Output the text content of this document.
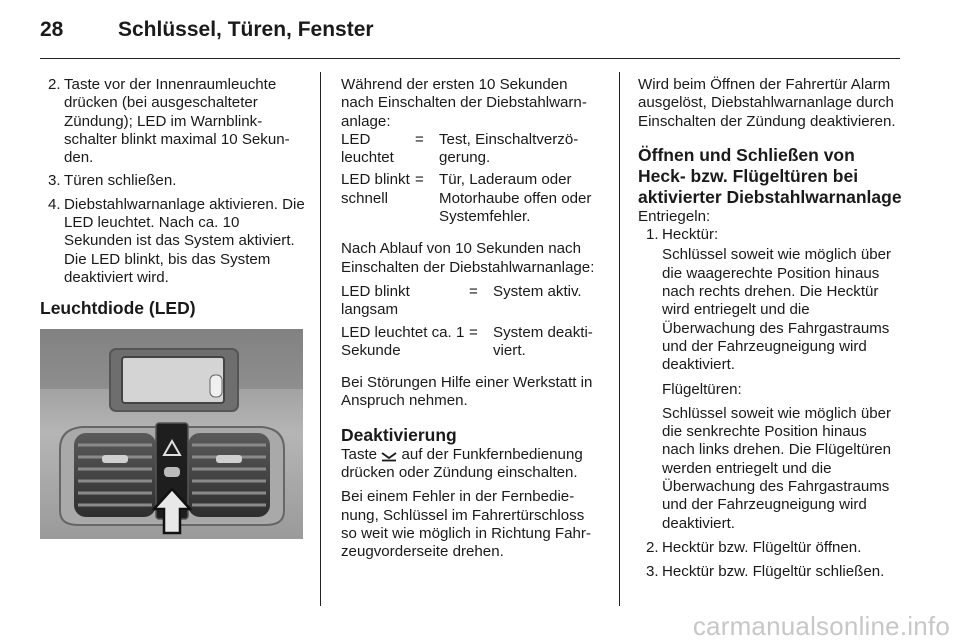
28	Schlüssel, Türen, Fenster
2. Taste vor der Innenraumleuchte drücken (bei ausgeschalteter Zündung); LED im Warnblinkschalter blinkt maximal 10 Sekunden.
3. Türen schließen.
4. Diebstahlwarnanlage aktivieren. Die LED leuchtet. Nach ca. 10 Sekunden ist das System aktiviert. Die LED blinkt, bis das System deaktiviert wird.
Leuchtdiode (LED)

Während der ersten 10 Sekunden nach Einschalten der Diebstahlwarnanlage:

LED leuchtet	=	Test, Einschaltverzögerung.
LED blinkt schnell	=	Tür, Laderaum oder Motorhaube offen oder Systemfehler.

Nach Ablauf von 10 Sekunden nach Einschalten der Diebstahlwarnanlage:

LED blinkt langsam	=	System aktiv.
LED leuchtet ca. 1 Sekunde	=	System deaktiviert.

Bei Störungen Hilfe einer Werkstatt in Anspruch nehmen.

Deaktivierung

Taste auf der Funkfernbedienung drücken oder Zündung einschalten.

Bei einem Fehler in der Fernbedienung, Schlüssel im Fahrertürschloss so weit wie möglich in Richtung Fahrzeugvorderseite drehen.

Wird beim Öffnen der Fahrertür Alarm ausgelöst, Diebstahlwarnanlage durch Einschalten der Zündung deaktivieren.

Öffnen und Schließen von Heck- bzw. Flügeltüren bei aktivierter Diebstahlwarnanlage

Entriegeln:

1. Hecktür:

Schlüssel soweit wie möglich über die waagerechte Position hinaus nach rechts drehen. Die Hecktür wird entriegelt und die Überwachung des Fahrgastraums und der Fahrzeugneigung wird deaktiviert.

Flügeltüren:

Schlüssel soweit wie möglich über die senkrechte Position hinaus nach links drehen. Die Flügeltüren werden entriegelt und die Überwachung des Fahrgastraums und der Fahrzeugneigung wird deaktiviert.

2. Hecktür bzw. Flügeltür öffnen.

3. Hecktür bzw. Flügeltür schließen.

carmanualsonline.info
